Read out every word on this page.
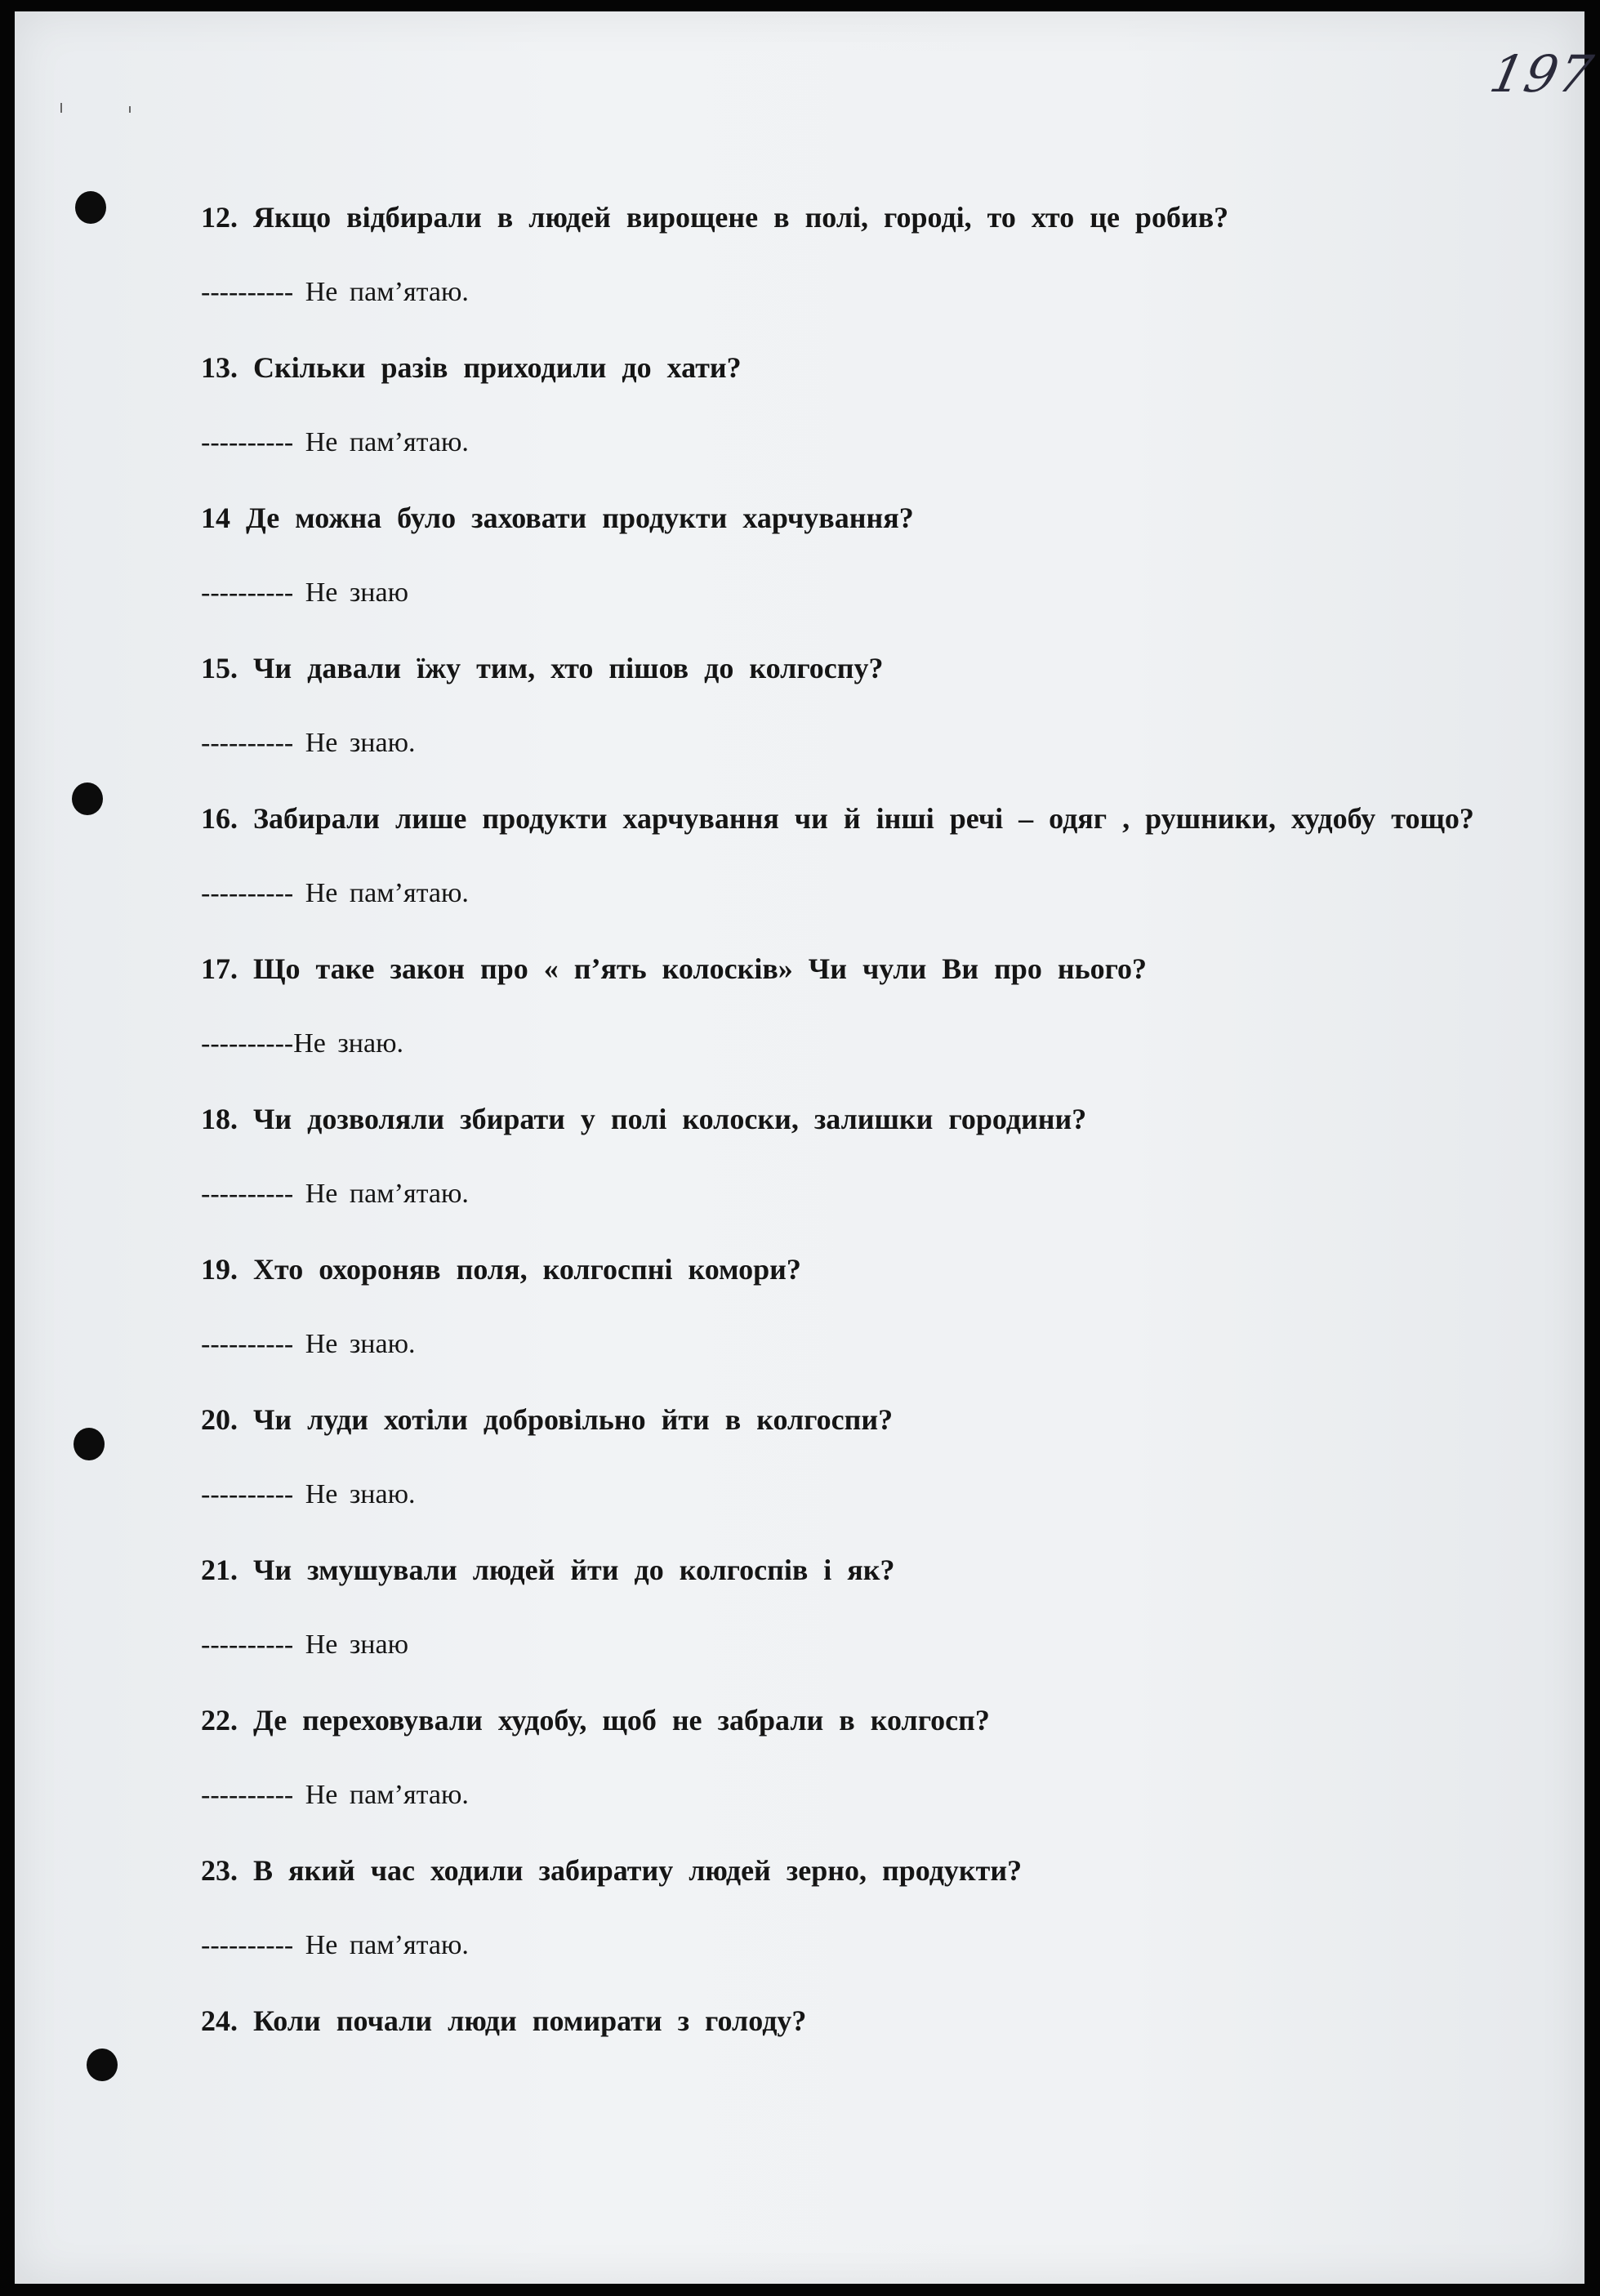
197

12. Якщо відбирали в людей вирощене в полі, городі, то хто це робив?

---------- Не пам’ятаю.

13. Скільки разів приходили до хати?

---------- Не пам’ятаю.

14 Де можна було заховати продукти харчування?

---------- Не знаю

15. Чи давали їжу тим, хто пішов до колгоспу?

---------- Не знаю.

16. Забирали лише продукти харчування чи й інші речі – одяг , рушники, худобу тощо?

---------- Не пам’ятаю.

17. Що таке закон про « п’ять колосків» Чи чули Ви про нього?

----------Не знаю.

18. Чи дозволяли збирати у полі колоски, залишки городини?

---------- Не пам’ятаю.

19. Хто охороняв поля, колгоспні комори?

---------- Не знаю.

20. Чи луди хотіли добровільно йти в колгоспи?

---------- Не знаю.

21. Чи змушували людей йти до колгоспів і як?

---------- Не знаю

22. Де переховували худобу, щоб не забрали в колгосп?

---------- Не пам’ятаю.

23. В який час ходили забиратиу людей зерно, продукти?

---------- Не пам’ятаю.

24. Коли почали люди помирати з голоду?
